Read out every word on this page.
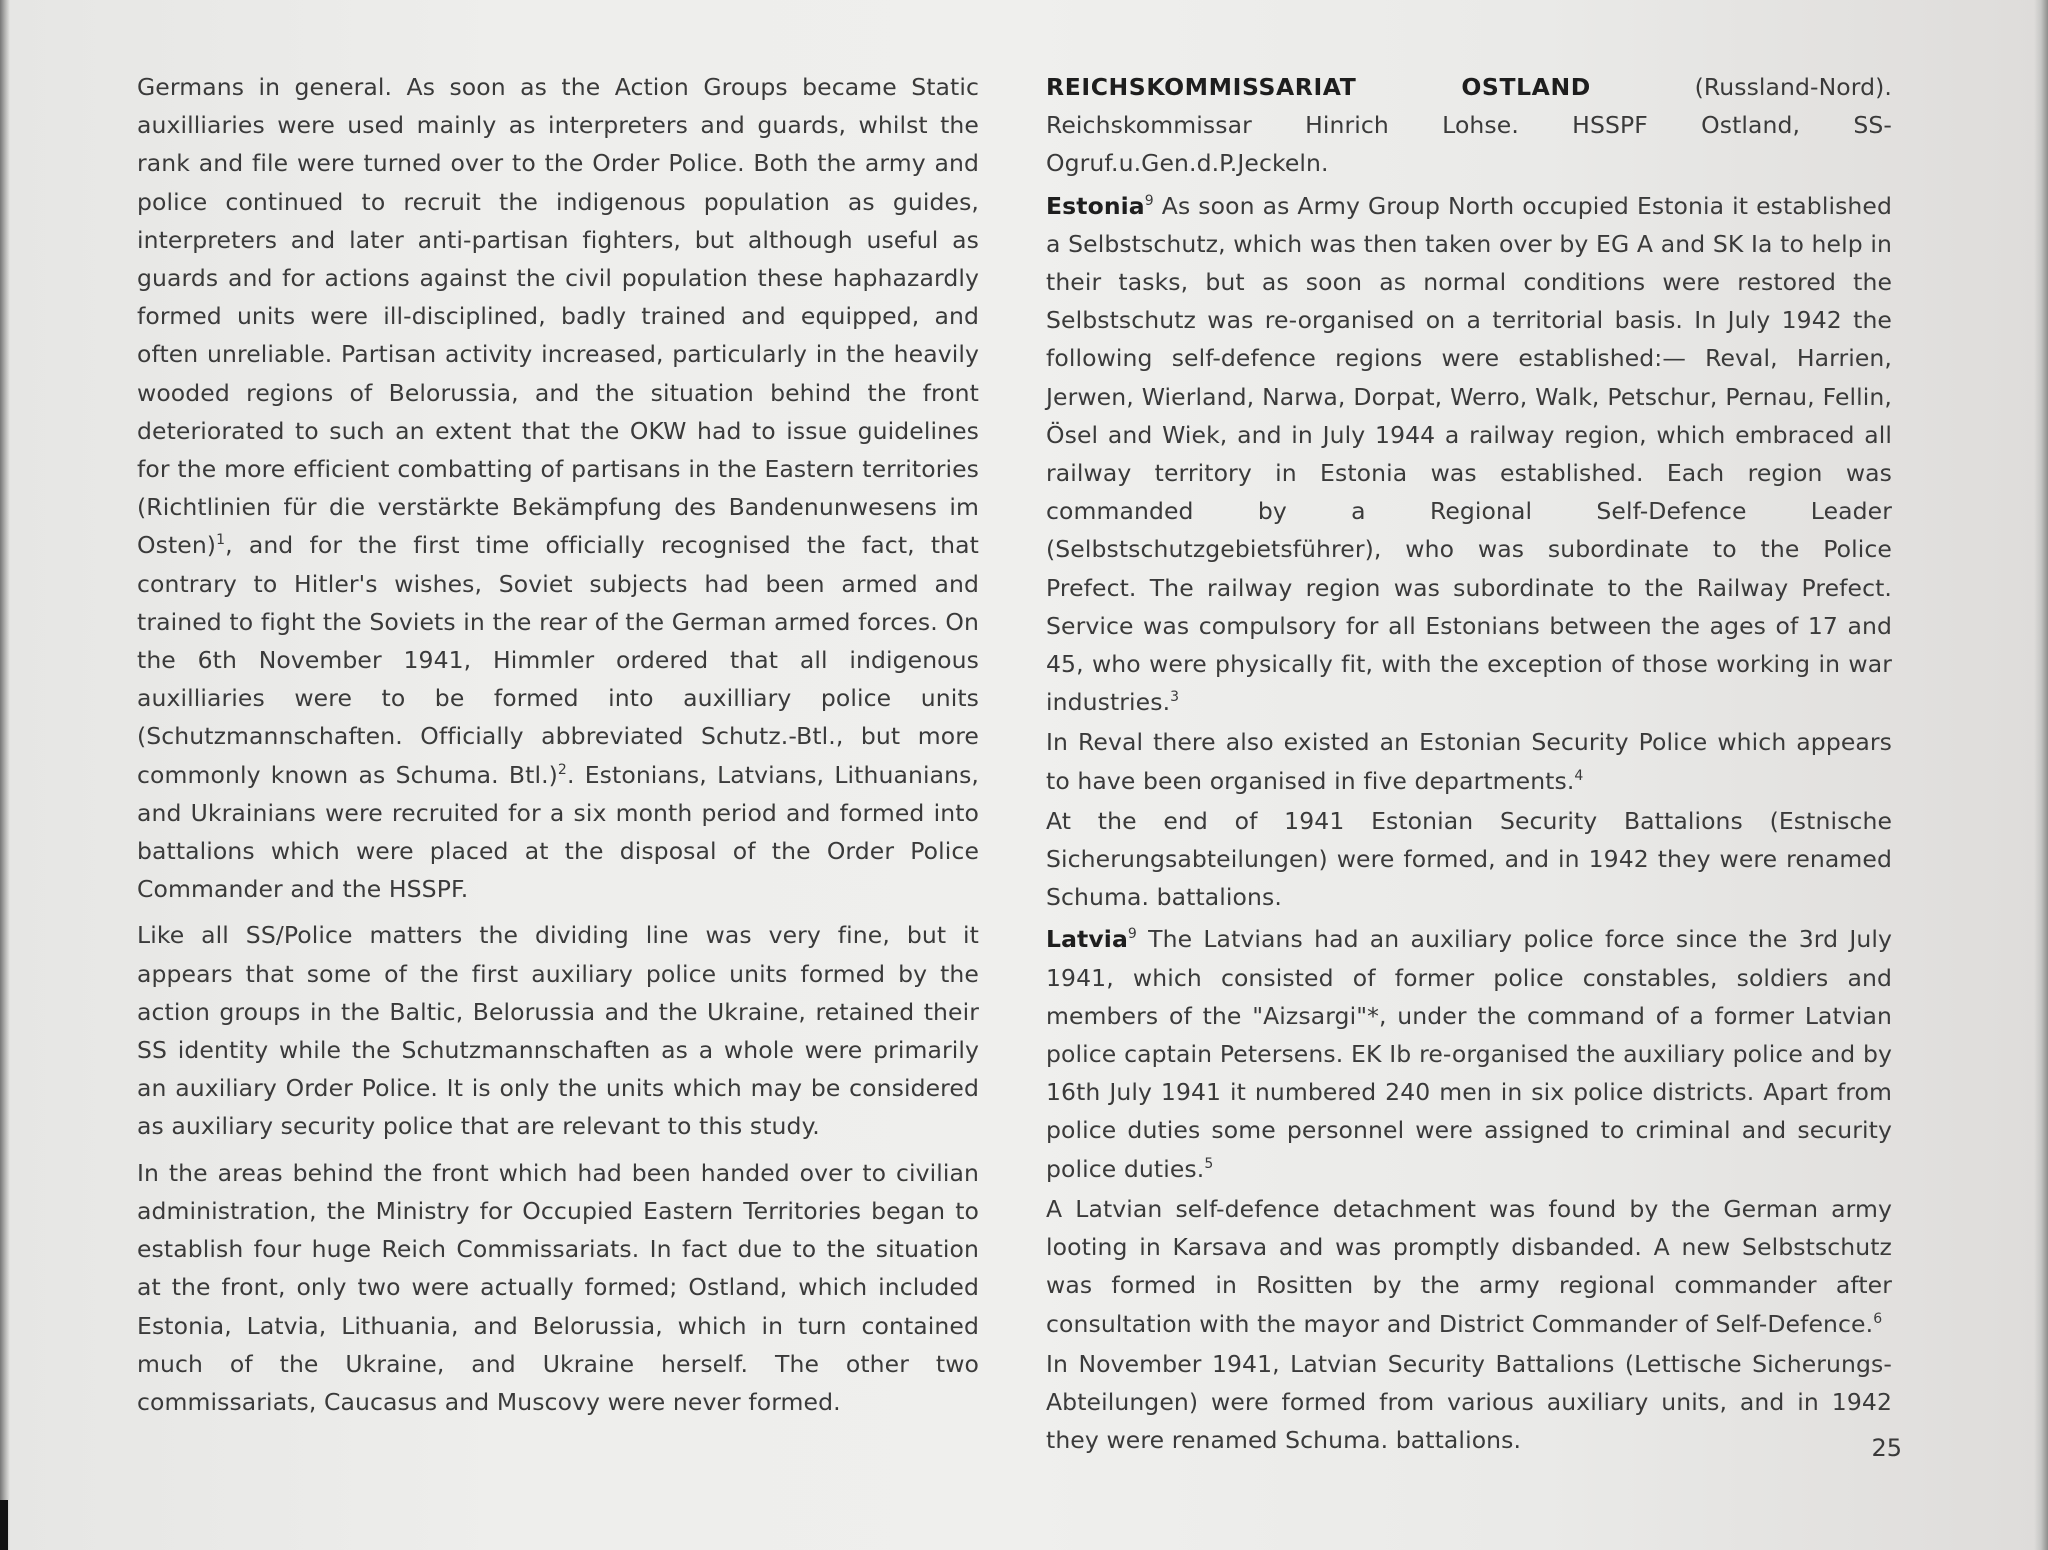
Germans in general. As soon as the Action Groups became Static auxilliaries were used mainly as interpreters and guards, whilst the rank and file were turned over to the Order Police. Both the army and police continued to recruit the indigenous population as guides, interpreters and later anti-partisan fighters, but although useful as guards and for actions against the civil population these haphazardly formed units were ill-disciplined, badly trained and equipped, and often unreliable. Partisan activity increased, particularly in the heavily wooded regions of Belorussia, and the situation behind the front deteriorated to such an extent that the OKW had to issue guidelines for the more efficient combatting of partisans in the Eastern territories (Richtlinien für die verstärkte Bekämpfung des Bandenunwesens im Osten)$^1$, and for the first time officially recognised the fact, that contrary to Hitler's wishes, Soviet subjects had been armed and trained to fight the Soviets in the rear of the German armed forces. On the 6th November 1941, Himmler ordered that all indigenous auxilliaries were to be formed into auxilliary police units (Schutzmannschaften. Officially abbreviated Schutz.-Btl., but more commonly known as Schuma. Btl.)$^2$. Estonians, Latvians, Lithuanians, and Ukrainians were recruited for a six month period and formed into battalions which were placed at the disposal of the Order Police Commander and the HSSPF.

Like all SS/Police matters the dividing line was very fine, but it appears that some of the first auxiliary police units formed by the action groups in the Baltic, Belorussia and the Ukraine, retained their SS identity while the Schutzmannschaften as a whole were primarily an auxiliary Order Police. It is only the units which may be considered as auxiliary security police that are relevant to this study.

In the areas behind the front which had been handed over to civilian administration, the Ministry for Occupied Eastern Territories began to establish four huge Reich Commissariats. In fact due to the situation at the front, only two were actually formed; Ostland, which included Estonia, Latvia, Lithuania, and Belorussia, which in turn contained much of the Ukraine, and Ukraine herself. The other two commissariats, Caucasus and Muscovy were never formed.

REICHSKOMMISSARIAT OSTLAND (Russland-Nord). Reichskommissar Hinrich Lohse. HSSPF Ostland, SS-Ogruf.u.Gen.d.P.Jeckeln.

Estonia$^9$ As soon as Army Group North occupied Estonia it established a Selbstschutz, which was then taken over by EG A and SK Ia to help in their tasks, but as soon as normal conditions were restored the Selbstschutz was re-organised on a territorial basis. In July 1942 the following self-defence regions were established:— Reval, Harrien, Jerwen, Wierland, Narwa, Dorpat, Werro, Walk, Petschur, Pernau, Fellin, Ösel and Wiek, and in July 1944 a railway region, which embraced all railway territory in Estonia was established. Each region was commanded by a Regional Self-Defence Leader (Selbstschutzgebietsführer), who was subordinate to the Police Prefect. The railway region was subordinate to the Railway Prefect. Service was compulsory for all Estonians between the ages of 17 and 45, who were physically fit, with the exception of those working in war industries.$^3$

In Reval there also existed an Estonian Security Police which appears to have been organised in five departments.$^4$

At the end of 1941 Estonian Security Battalions (Estnische Sicherungsabteilungen) were formed, and in 1942 they were renamed Schuma. battalions.

Latvia$^9$ The Latvians had an auxiliary police force since the 3rd July 1941, which consisted of former police constables, soldiers and members of the "Aizsargi"*, under the command of a former Latvian police captain Petersens. EK Ib re-organised the auxiliary police and by 16th July 1941 it numbered 240 men in six police districts. Apart from police duties some personnel were assigned to criminal and security police duties.$^5$

A Latvian self-defence detachment was found by the German army looting in Karsava and was promptly disbanded. A new Selbstschutz was formed in Rositten by the army regional commander after consultation with the mayor and District Commander of Self-Defence.$^6$

In November 1941, Latvian Security Battalions (Lettische Sicherungs-Abteilungen) were formed from various auxiliary units, and in 1942 they were renamed Schuma. battalions.	25
